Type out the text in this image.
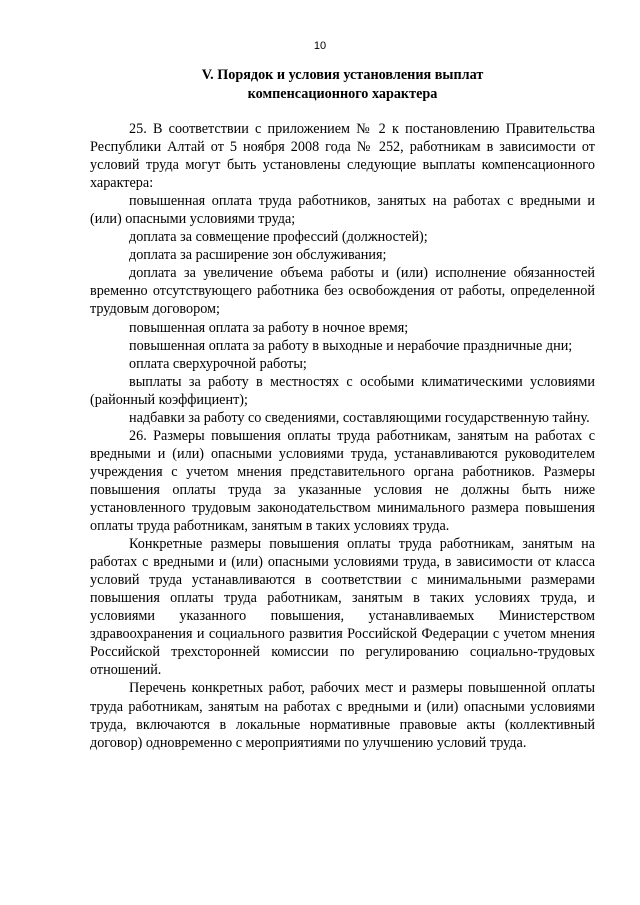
10
V. Порядок и условия установления выплат
компенсационного характера

25. В соответствии с приложением № 2 к постановлению Правительства Республики Алтай от 5 ноября 2008 года № 252, работникам в зависимости от условий труда могут быть установлены следующие выплаты компенсационного характера:

повышенная оплата труда работников, занятых на работах с вредными и (или) опасными условиями труда;

доплата за совмещение профессий (должностей);

доплата за расширение зон обслуживания;

доплата за увеличение объема работы и (или) исполнение обязанностей временно отсутствующего работника без освобождения от работы, определенной трудовым договором;

повышенная оплата за работу в ночное время;

повышенная оплата за работу в выходные и нерабочие праздничные дни;

оплата сверхурочной работы;

выплаты за работу в местностях с особыми климатическими условиями (районный коэффициент);

надбавки за работу со сведениями, составляющими государственную тайну.

26. Размеры повышения оплаты труда работникам, занятым на работах с вредными и (или) опасными условиями труда, устанавливаются руководителем учреждения с учетом мнения представительного органа работников. Размеры повышения оплаты труда за указанные условия не должны быть ниже установленного трудовым законодательством минимального размера повышения оплаты труда работникам, занятым в таких условиях труда.

Конкретные размеры повышения оплаты труда работникам, занятым на работах с вредными и (или) опасными условиями труда, в зависимости от класса условий труда устанавливаются в соответствии с минимальными размерами повышения оплаты труда работникам, занятым в таких условиях труда, и условиями указанного повышения, устанавливаемых Министерством здравоохранения и социального развития Российской Федерации с учетом мнения Российской трехсторонней комиссии по регулированию социально-трудовых отношений.

Перечень конкретных работ, рабочих мест и размеры повышенной оплаты труда работникам, занятым на работах с вредными и (или) опасными условиями труда, включаются в локальные нормативные правовые акты (коллективный договор) одновременно с мероприятиями по улучшению условий труда.
